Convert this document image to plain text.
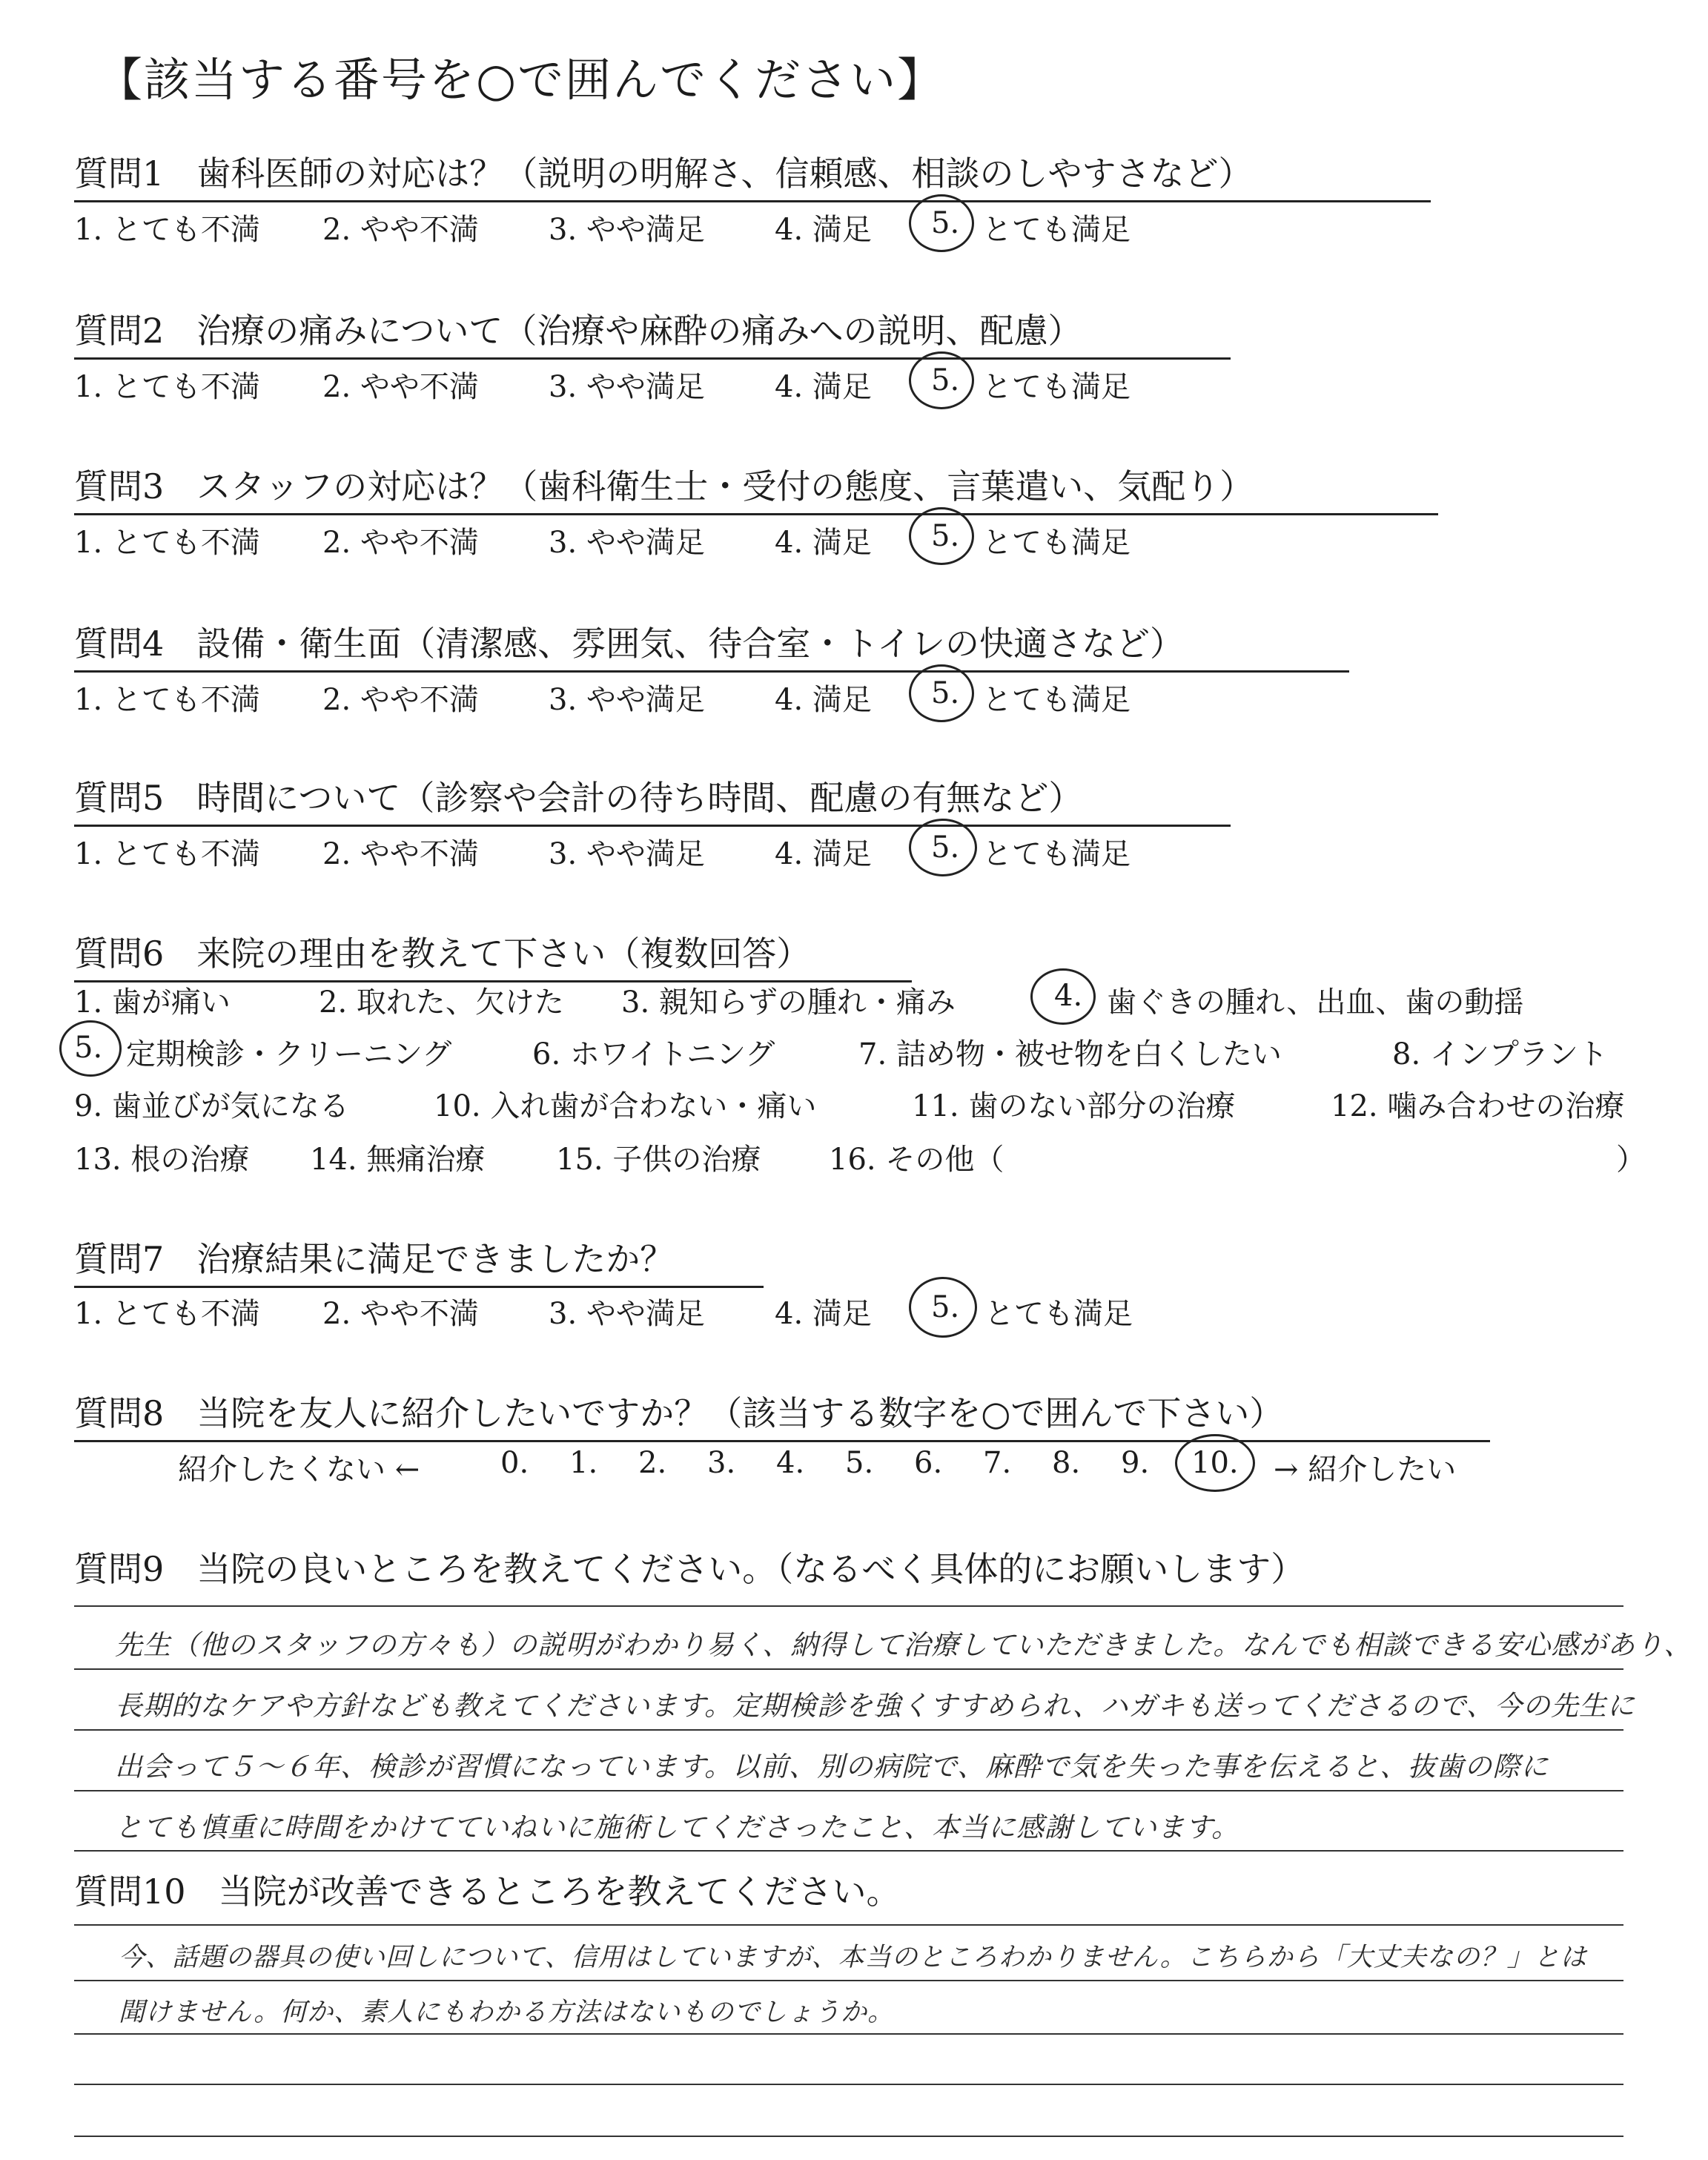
【該当する番号を○で囲んでください】
質問1 歯科医師の対応は？（説明の明解さ、信頼感、相談のしやすさなど）
1. とても不満 2. やや不満 3. やや満足 4. 満足 5. とても満足
質問2 治療の痛みについて（治療や麻酔の痛みへの説明、配慮）
1. とても不満 2. やや不満 3. やや満足 4. 満足 5. とても満足
質問3 スタッフの対応は？（歯科衛生士・受付の態度、言葉遣い、気配り）
1. とても不満 2. やや不満 3. やや満足 4. 満足 5. とても満足
質問4 設備・衛生面（清潔感、雰囲気、待合室・トイレの快適さなど）
1. とても不満 2. やや不満 3. やや満足 4. 満足 5. とても満足
質問5 時間について（診察や会計の待ち時間、配慮の有無など）
1. とても不満 2. やや不満 3. やや満足 4. 満足 5. とても満足
質問6 来院の理由を教えて下さい（複数回答）
1. 歯が痛い	2. 取れた、欠けた 3. 親知らずの腫れ・痛み	4. 歯ぐきの腫れ、出血、歯の動揺
5. 定期検診・クリーニング	6. ホワイトニング	7. 詰め物・被せ物を白くしたい	8. インプラント
9. 歯並びが気になる	10. 入れ歯が合わない・痛い	11. 歯のない部分の治療	12. 噛み合わせの治療
13. 根の治療 14. 無痛治療 15. 子供の治療 16. その他（	）
質問7 治療結果に満足できましたか？
1. とても不満 2. やや不満 3. やや満足 4. 満足 5. とても満足
質問8 当院を友人に紹介したいですか？（該当する数字を○で囲んで下さい）
紹介したくない ←	0. 1. 2. 3. 4. 5. 6. 7. 8. 9. 10. → 紹介したい
質問9 当院の良いところを教えてください。（なるべく具体的にお願いします）
先生（他のスタッフの方々も）の説明がわかり易く、納得して治療していただきました。なんでも相談できる安心感があり、
長期的なケアや方針なども教えてくださいます。定期検診を強くすすめられ、ハガキも送ってくださるので、今の先生に
出会って５～６年、検診が習慣になっています。以前、別の病院で、麻酔で気を失った事を伝えると、抜歯の際に
とても慎重に時間をかけてていねいに施術してくださったこと、本当に感謝しています。
質問10 当院が改善できるところを教えてください。
今、話題の器具の使い回しについて、信用はしていますが、本当のところわかりません。こちらから「大丈夫なの？」とは
聞けません。何か、素人にもわかる方法はないものでしょうか。
